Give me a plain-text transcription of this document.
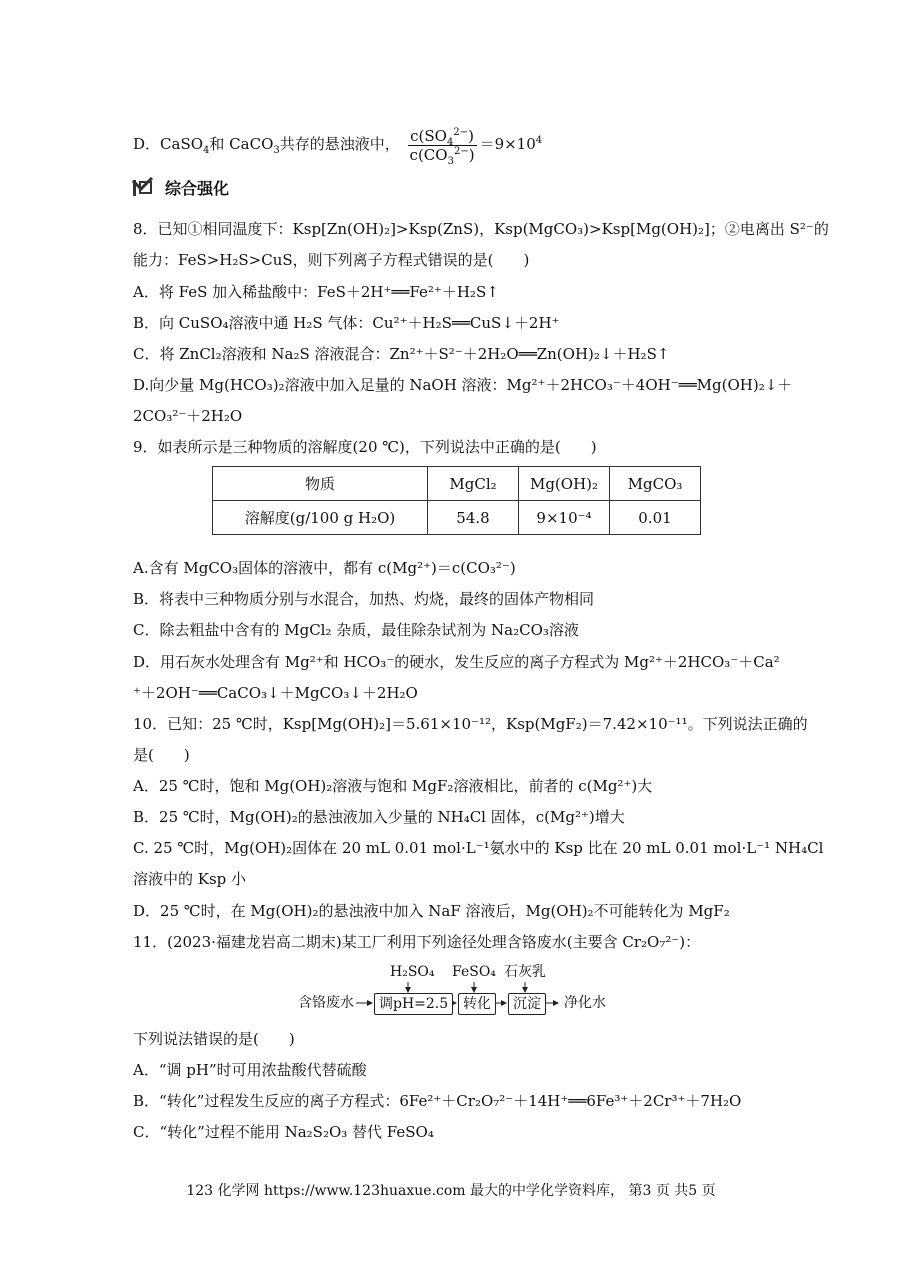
D．CaSO$_4$和 CaCO$_3$共存的悬浊液中， $\frac{c(SO_4^{2-})}{c(CO_3^{2-})} =9\times 10^4$
综合强化
8．已知①相同温度下：Ksp[Zn(OH)₂]>Ksp(ZnS)，Ksp(MgCO₃)>Ksp[Mg(OH)₂]；②电离出 S²⁻的
能力：FeS>H₂S>CuS，则下列离子方程式错误的是(　　)
A．将 FeS 加入稀盐酸中：FeS＋2H⁺══Fe²⁺＋H₂S↑
B．向 CuSO₄溶液中通 H₂S 气体：Cu²⁺＋H₂S══CuS↓＋2H⁺
C．将 ZnCl₂溶液和 Na₂S 溶液混合：Zn²⁺＋S²⁻＋2H₂O══Zn(OH)₂↓＋H₂S↑
D.向少量 Mg(HCO₃)₂溶液中加入足量的 NaOH 溶液：Mg²⁺＋2HCO₃⁻＋4OH⁻══Mg(OH)₂↓＋
2CO₃²⁻＋2H₂O
9．如表所示是三种物质的溶解度(20 ℃)，下列说法中正确的是(　　)
物质	MgCl₂	Mg(OH)₂	MgCO₃
溶解度(g/100 g H₂O)	54.8	9×10⁻⁴	0.01
A.含有 MgCO₃固体的溶液中，都有 c(Mg²⁺)＝c(CO₃²⁻)
B．将表中三种物质分别与水混合，加热、灼烧，最终的固体产物相同
C．除去粗盐中含有的 MgCl₂ 杂质，最佳除杂试剂为 Na₂CO₃溶液
D．用石灰水处理含有 Mg²⁺和 HCO₃⁻的硬水，发生反应的离子方程式为 Mg²⁺＋2HCO₃⁻＋Ca²
⁺＋2OH⁻══CaCO₃↓＋MgCO₃↓＋2H₂O
10．已知：25 ℃时，Ksp[Mg(OH)₂]＝5.61×10⁻¹²，Ksp(MgF₂)＝7.42×10⁻¹¹。下列说法正确的
是(　　)
A．25 ℃时，饱和 Mg(OH)₂溶液与饱和 MgF₂溶液相比，前者的 c(Mg²⁺)大
B．25 ℃时，Mg(OH)₂的悬浊液加入少量的 NH₄Cl 固体，c(Mg²⁺)增大
C. 25 ℃时，Mg(OH)₂固体在 20 mL 0.01 mol·L⁻¹氨水中的 Ksp 比在 20 mL 0.01 mol·L⁻¹ NH₄Cl
溶液中的 Ksp 小
D．25 ℃时，在 Mg(OH)₂的悬浊液中加入 NaF 溶液后，Mg(OH)₂不可能转化为 MgF₂
11．(2023·福建龙岩高二期末)某工厂利用下列途径处理含铬废水(主要含 Cr₂O₇²⁻)：
含铬废水	调pH=2.5	转化	沉淀	净化水
H₂SO₄ FeSO₄ 石灰乳
下列说法错误的是(　　)
A．“调 pH”时可用浓盐酸代替硫酸
B．“转化”过程发生反应的离子方程式：6Fe²⁺＋Cr₂O₇²⁻＋14H⁺══6Fe³⁺＋2Cr³⁺＋7H₂O
C．“转化”过程不能用 Na₂S₂O₃ 替代 FeSO₄
123 化学网 https://www.123huaxue.com 最大的中学化学资料库， 第3 页 共5 页
